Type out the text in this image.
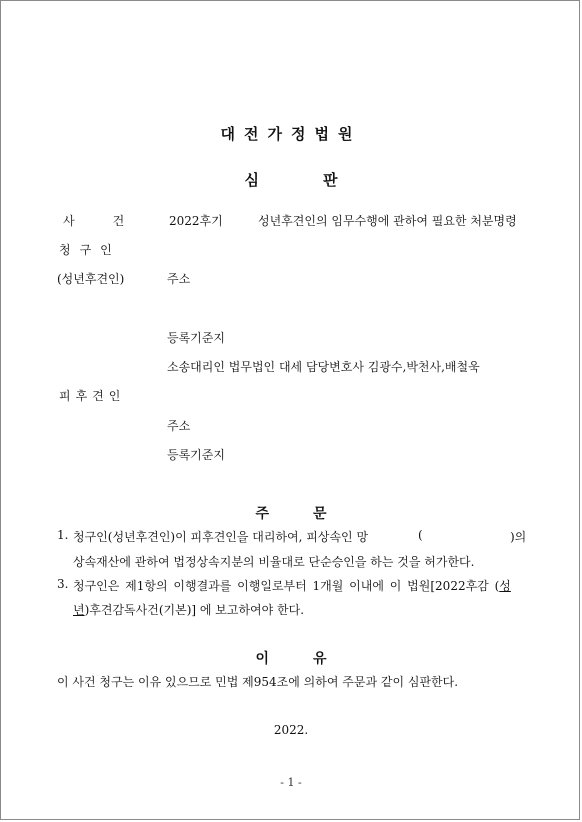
대전가정법원
심	판
사건 2022후기	성년후견인의 임무수행에 관하여 필요한 처분명령
청구인
(성년후견인)	주소
등록기준지
소송대리인 법무법인 대세 담당변호사 김광수,박천사,배철욱
피후견인
주소
등록기준지
주	문
1. 청구인(성년후견인)이 피후견인을 대리하여, 피상속인 망	(	)의
상속재산에 관하여 법정상속지분의 비율대로 단순승인을 하는 것을 허가한다.
3. 청구인은 제1항의 이행결과를 이행일로부터 1개월 이내에 이 법원[2022후감 (성
년)후견감독사건(기본)] 에 보고하여야 한다.
이	유
이 사건 청구는 이유 있으므로 민법 제954조에 의하여 주문과 같이 심판한다.
2022.
- 1 -
